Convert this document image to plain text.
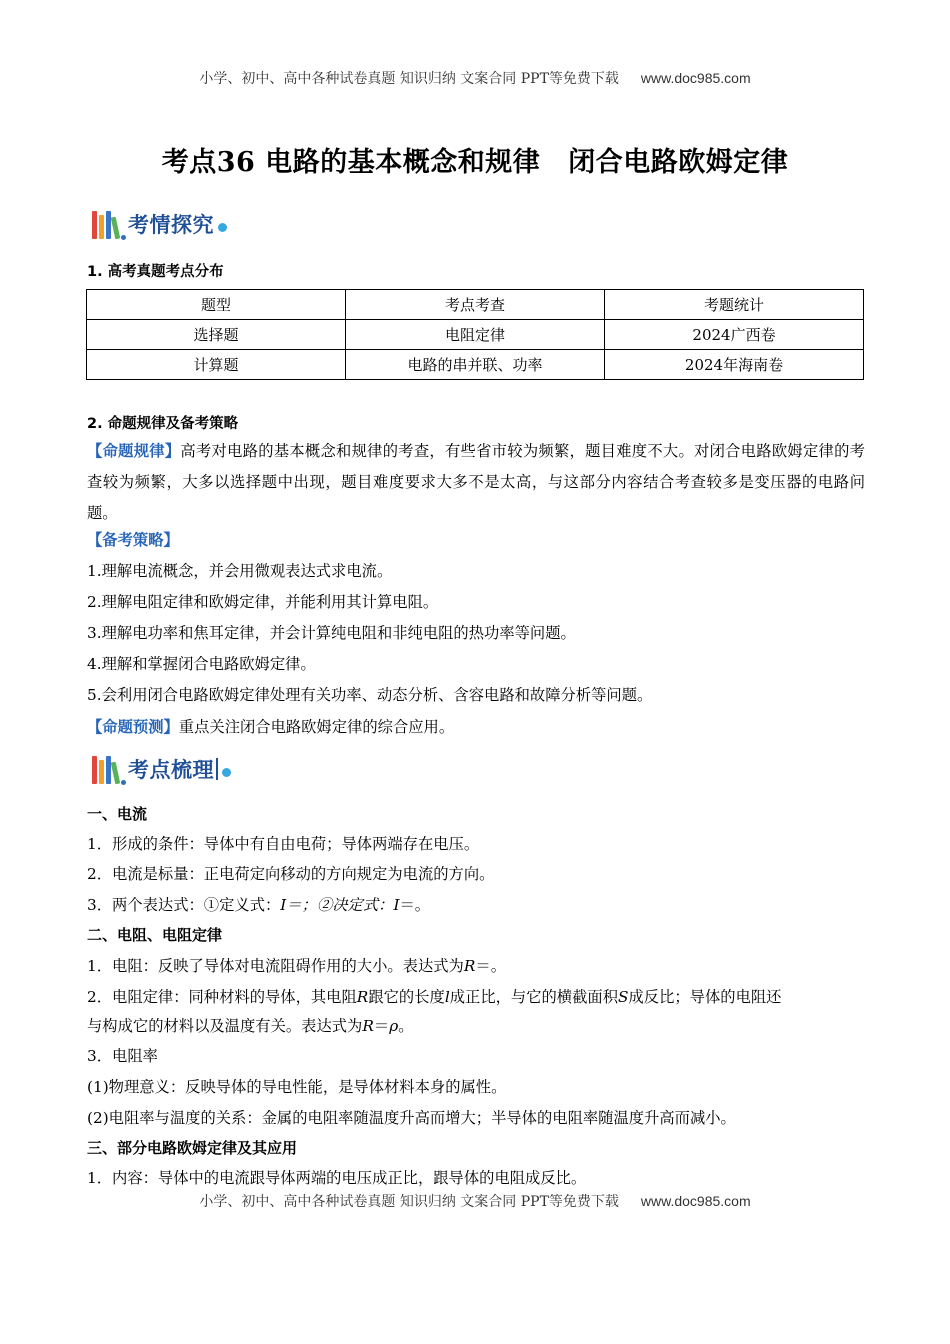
小学、初中、高中各种试卷真题 知识归纳 文案合同 PPT等免费下载 www.doc985.com
考点36 电路的基本概念和规律 闭合电路欧姆定律
考情探究
1. 高考真题考点分布
题型	考点考查	考题统计
选择题	电阻定律	2024广西卷
计算题	电路的串并联、功率	2024年海南卷
2. 命题规律及备考策略
【命题规律】高考对电路的基本概念和规律的考查，有些省市较为频繁，题目难度不大。对闭合电路欧姆定律的考查较为频繁，大多以选择题中出现，题目难度要求大多不是太高，与这部分内容结合考查较多是变压器的电路问题。
【备考策略】
1.理解电流概念，并会用微观表达式求电流。
2.理解电阻定律和欧姆定律，并能利用其计算电阻。
3.理解电功率和焦耳定律，并会计算纯电阻和非纯电阻的热功率等问题。
4.理解和掌握闭合电路欧姆定律。
5.会利用闭合电路欧姆定律处理有关功率、动态分析、含容电路和故障分析等问题。
【命题预测】重点关注闭合电路欧姆定律的综合应用。
考点梳理
一、电流
1．形成的条件：导体中有自由电荷；导体两端存在电压。
2．电流是标量：正电荷定向移动的方向规定为电流的方向。
3．两个表达式：①定义式：I＝；②决定式：I＝。
二、电阻、电阻定律
1．电阻：反映了导体对电流阻碍作用的大小。表达式为R＝。
2．电阻定律：同种材料的导体，其电阻R跟它的长度l成正比，与它的横截面积S成反比；导体的电阻还
与构成它的材料以及温度有关。表达式为R＝ρ。
3．电阻率
(1)物理意义：反映导体的导电性能，是导体材料本身的属性。
(2)电阻率与温度的关系：金属的电阻率随温度升高而增大；半导体的电阻率随温度升高而减小。
三、部分电路欧姆定律及其应用
1．内容：导体中的电流跟导体两端的电压成正比，跟导体的电阻成反比。
小学、初中、高中各种试卷真题 知识归纳 文案合同 PPT等免费下载 www.doc985.com
